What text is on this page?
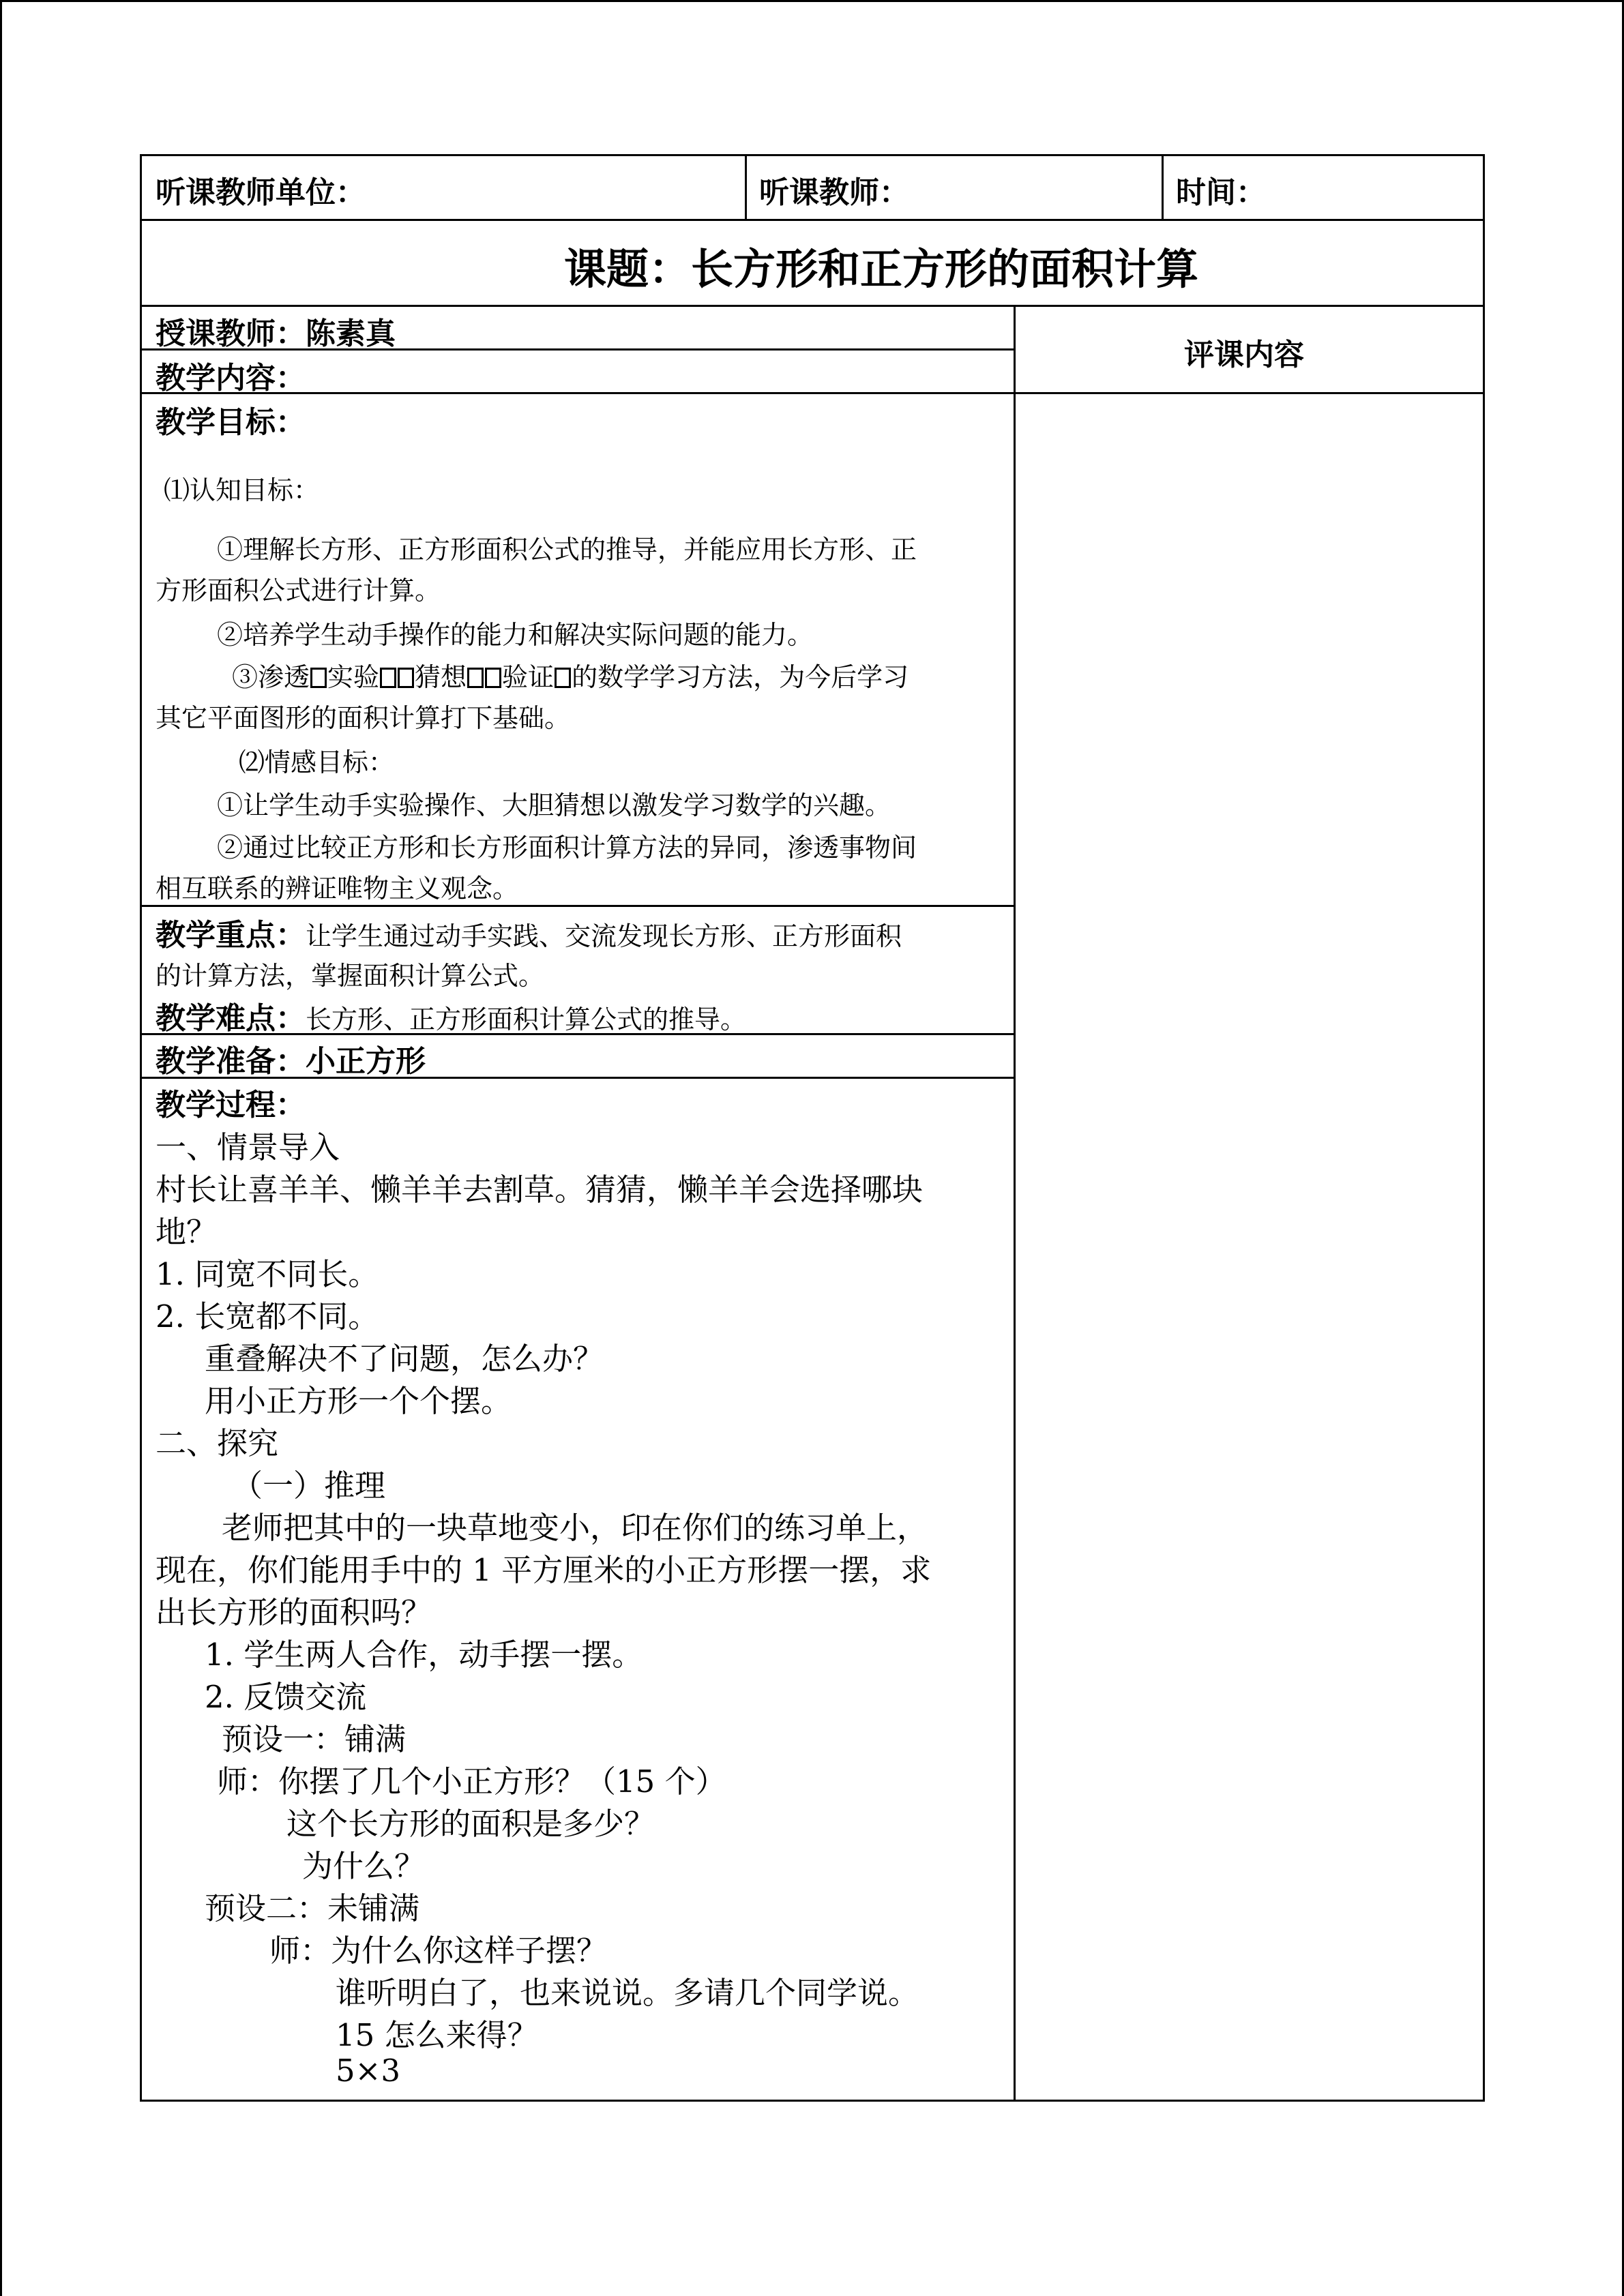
听课教师单位：	听课教师：	时间：
课题：长方形和正方形的面积计算
授课教师：陈素真
教学内容：
评课内容
教学目标：
⑴认知目标：
①理解长方形、正方形面积公式的推导，并能应用长方形、正
方形面积公式进行计算。
②培养学生动手操作的能力和解决实际问题的能力。
③渗透 实验 猜想 验证 的数学学习方法，为今后学习
其它平面图形的面积计算打下基础。
⑵情感目标：
①让学生动手实验操作、大胆猜想以激发学习数学的兴趣。
②通过比较正方形和长方形面积计算方法的异同，渗透事物间
相互联系的辨证唯物主义观念。
教学重点：让学生通过动手实践、交流发现长方形、正方形面积
的计算方法，掌握面积计算公式。
教学难点：长方形、正方形面积计算公式的推导。
教学准备：小正方形
教学过程：
一、情景导入
村长让喜羊羊、懒羊羊去割草。猜猜，懒羊羊会选择哪块
地？
1. 同宽不同长。
2. 长宽都不同。
重叠解决不了问题，怎么办？
用小正方形一个个摆。
二、探究
（一）推理
老师把其中的一块草地变小，印在你们的练习单上，
现在，你们能用手中的 1 平方厘米的小正方形摆一摆，求
出长方形的面积吗？
1. 学生两人合作，动手摆一摆。
2. 反馈交流
预设一：铺满
师：你摆了几个小正方形？（15 个）
这个长方形的面积是多少？
为什么？
预设二：未铺满
师：为什么你这样子摆？
谁听明白了，也来说说。多请几个同学说。
15 怎么来得？
5×3
